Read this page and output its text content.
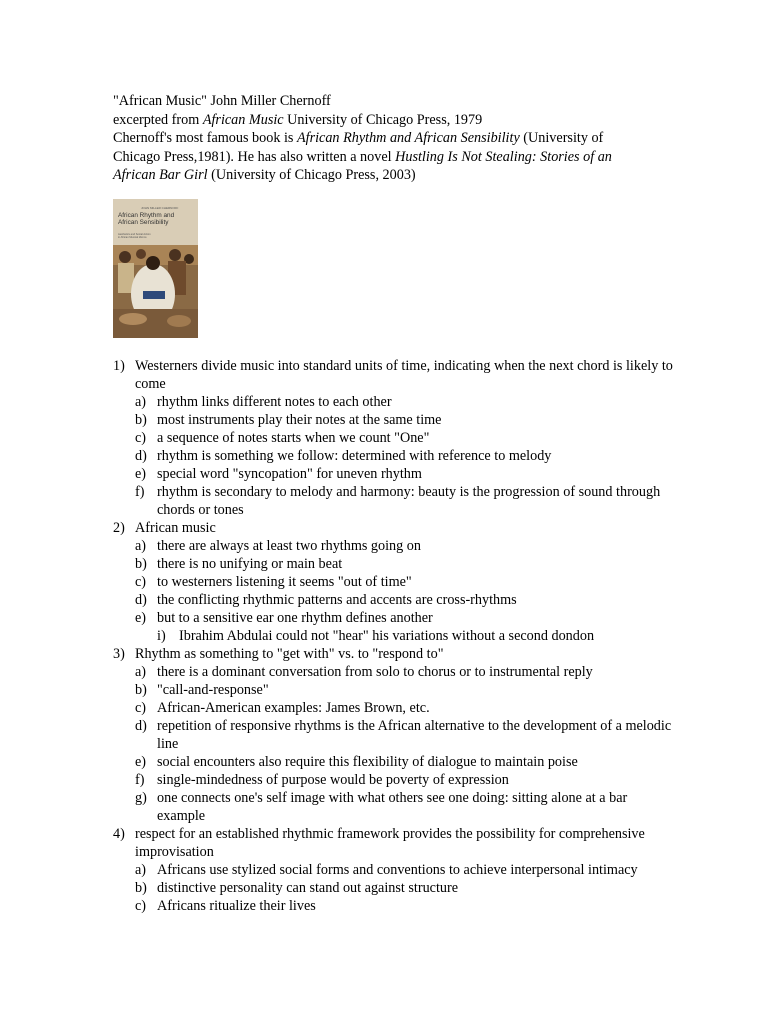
"African Music" John Miller Chernoff
excerpted from African Music University of Chicago Press, 1979
Chernoff's most famous book is African Rhythm and African Sensibility (University of
Chicago Press,1981). He has also written a novel Hustling Is Not Stealing: Stories of an
African Bar Girl (University of Chicago Press, 2003)
JOHN MILLER CHERNOFF
African Rhythm and
African Sensibility
Aesthetics and Social Action
in African Musical Idioms
1) Westerners divide music into standard units of time, indicating when the next chord is likely to come
a) rhythm links different notes to each other
b) most instruments play their notes at the same time
c) a sequence of notes starts when we count "One"
d) rhythm is something we follow: determined with reference to melody
e) special word "syncopation" for uneven rhythm
f) rhythm is secondary to melody and harmony: beauty is the progression of sound through chords or tones
2) African music
a) there are always at least two rhythms going on
b) there is no unifying or main beat
c) to westerners listening it seems "out of time"
d) the conflicting rhythmic patterns and accents are cross-rhythms
e) but to a sensitive ear one rhythm defines another
i) Ibrahim Abdulai could not "hear" his variations without a second dondon
3) Rhythm as something to "get with" vs. to "respond to"
a) there is a dominant conversation from solo to chorus or to instrumental reply
b) "call-and-response"
c) African-American examples: James Brown, etc.
d) repetition of responsive rhythms is the African alternative to the development of a melodic line
e) social encounters also require this flexibility of dialogue to maintain poise
f) single-mindedness of purpose would be poverty of expression
g) one connects one's self image with what others see one doing: sitting alone at a bar example
4) respect for an established rhythmic framework provides the possibility for comprehensive improvisation
a) Africans use stylized social forms and conventions to achieve interpersonal intimacy
b) distinctive personality can stand out against structure
c) Africans ritualize their lives
